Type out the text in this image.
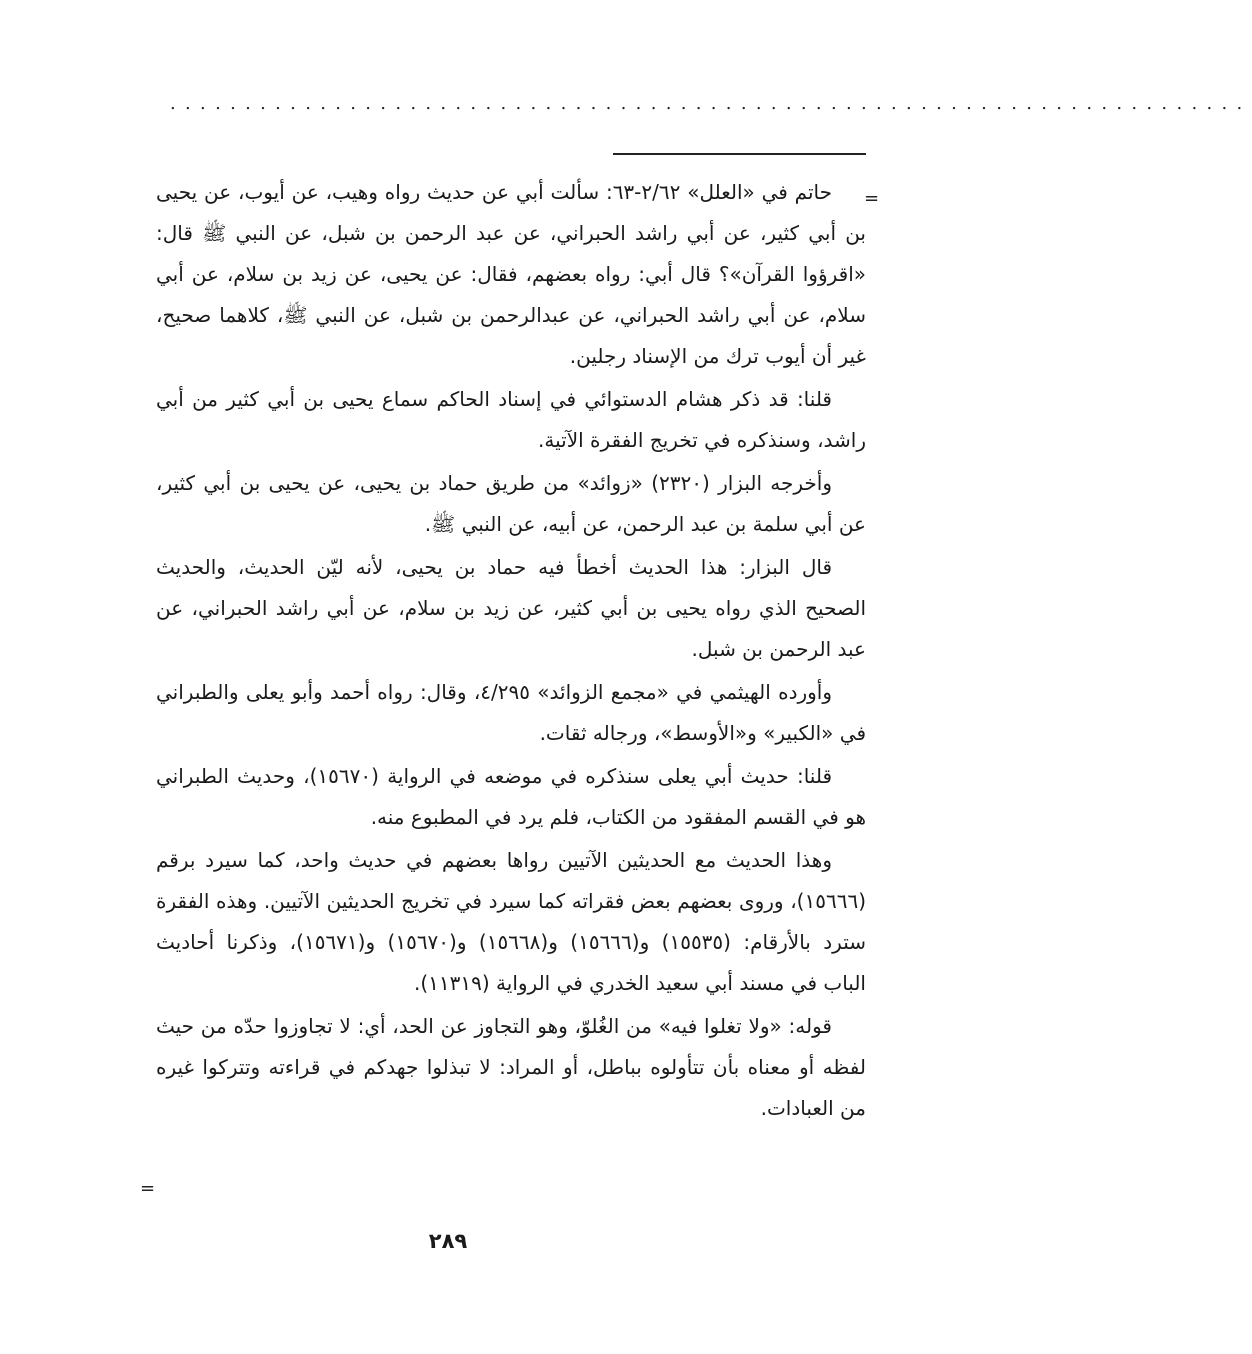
........................................................................
=

حاتم في «العلل» ٢/٦٢-٦٣: سألت أبي عن حديث رواه وهيب، عن أيوب، عن يحيى بن أبي كثير، عن أبي راشد الحبراني، عن عبد الرحمن بن شبل، عن النبي ﷺ قال: «اقرؤوا القرآن»؟ قال أبي: رواه بعضهم، فقال: عن يحيى، عن زيد بن سلام، عن أبي سلام، عن أبي راشد الحبراني، عن عبدالرحمن بن شبل، عن النبي ﷺ، كلاهما صحيح، غير أن أيوب ترك من الإسناد رجلين.

قلنا: قد ذكر هشام الدستوائي في إسناد الحاكم سماع يحيى بن أبي كثير من أبي راشد، وسنذكره في تخريج الفقرة الآتية.

وأخرجه البزار (٢٣٢٠) «زوائد» من طريق حماد بن يحيى، عن يحيى بن أبي كثير، عن أبي سلمة بن عبد الرحمن، عن أبيه، عن النبي ﷺ.

قال البزار: هذا الحديث أخطأ فيه حماد بن يحيى، لأنه ليّن الحديث، والحديث الصحيح الذي رواه يحيى بن أبي كثير، عن زيد بن سلام، عن أبي راشد الحبراني، عن عبد الرحمن بن شبل.

وأورده الهيثمي في «مجمع الزوائد» ٤/٢٩٥، وقال: رواه أحمد وأبو يعلى والطبراني في «الكبير» و«الأوسط»، ورجاله ثقات.

قلنا: حديث أبي يعلى سنذكره في موضعه في الرواية (١٥٦٧٠)، وحديث الطبراني هو في القسم المفقود من الكتاب، فلم يرد في المطبوع منه.

وهذا الحديث مع الحديثين الآتيين رواها بعضهم في حديث واحد، كما سيرد برقم (١٥٦٦٦)، وروى بعضهم بعض فقراته كما سيرد في تخريج الحديثين الآتيين. وهذه الفقرة سترد بالأرقام: (١٥٥٣٥) و(١٥٦٦٦) و(١٥٦٦٨) و(١٥٦٧٠) و(١٥٦٧١)، وذكرنا أحاديث الباب في مسند أبي سعيد الخدري في الرواية (١١٣١٩).

قوله: «ولا تغلوا فيه» من الغُلوّ، وهو التجاوز عن الحد، أي: لا تجاوزوا حدّه من حيث لفظه أو معناه بأن تتأولوه بباطل، أو المراد: لا تبذلوا جهدكم في قراءته وتتركوا غيره من العبادات.

=
٢٨٩
